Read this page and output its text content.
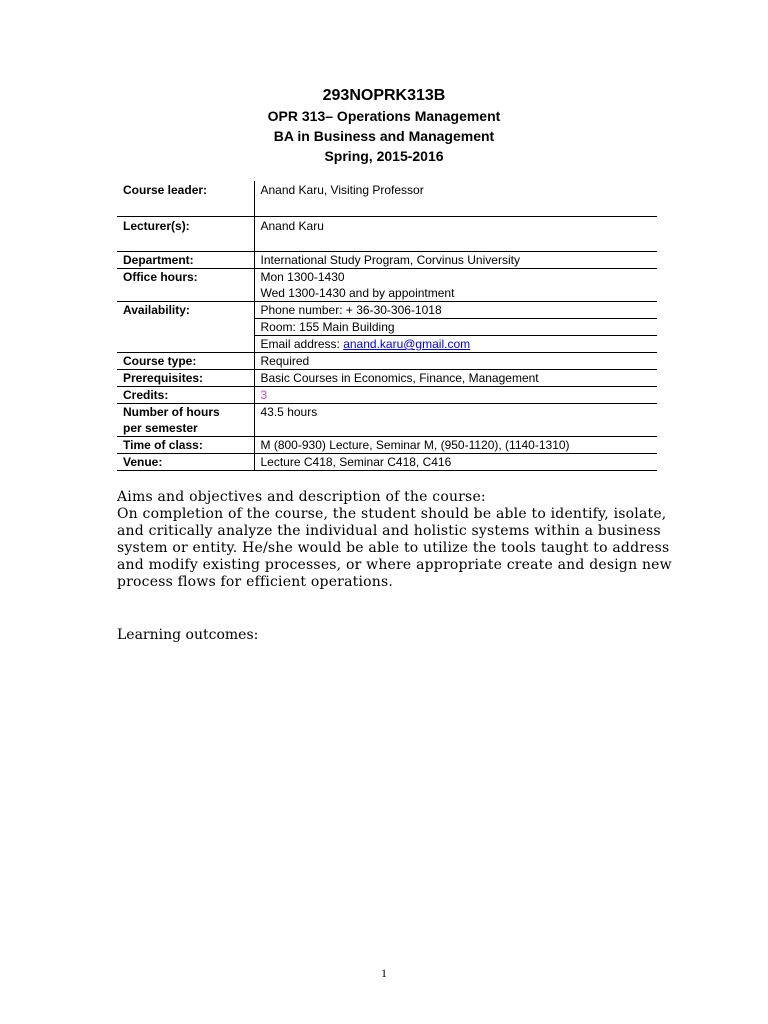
293NOPRK313B
OPR 313– Operations Management
BA in Business and Management
Spring, 2015-2016
Course leader:	Anand Karu, Visiting Professor
Lecturer(s):	Anand Karu
Department:	International Study Program, Corvinus University
Office hours:	Mon 1300-1430
Wed 1300-1430 and by appointment

Availability:	Phone number: + 36-30-306-1018
	Room: 155 Main Building
	Email address: anand.karu@gmail.com
Course type:	Required
Prerequisites:	Basic Courses in Economics, Finance, Management
Credits:	3

Number of hours
per semester	43.5 hours
Time of class:	M (800-930) Lecture, Seminar M, (950-1120), (1140-1310)
Venue:	Lecture C418, Seminar C418, C416

Aims and objectives and description of the course:

On completion of the course, the student should be able to identify, isolate, and critically analyze the individual and holistic systems within a business system or entity. He/she would be able to utilize the tools taught to address and modify existing processes, or where appropriate create and design new process flows for efficient operations.

Learning outcomes:
1
